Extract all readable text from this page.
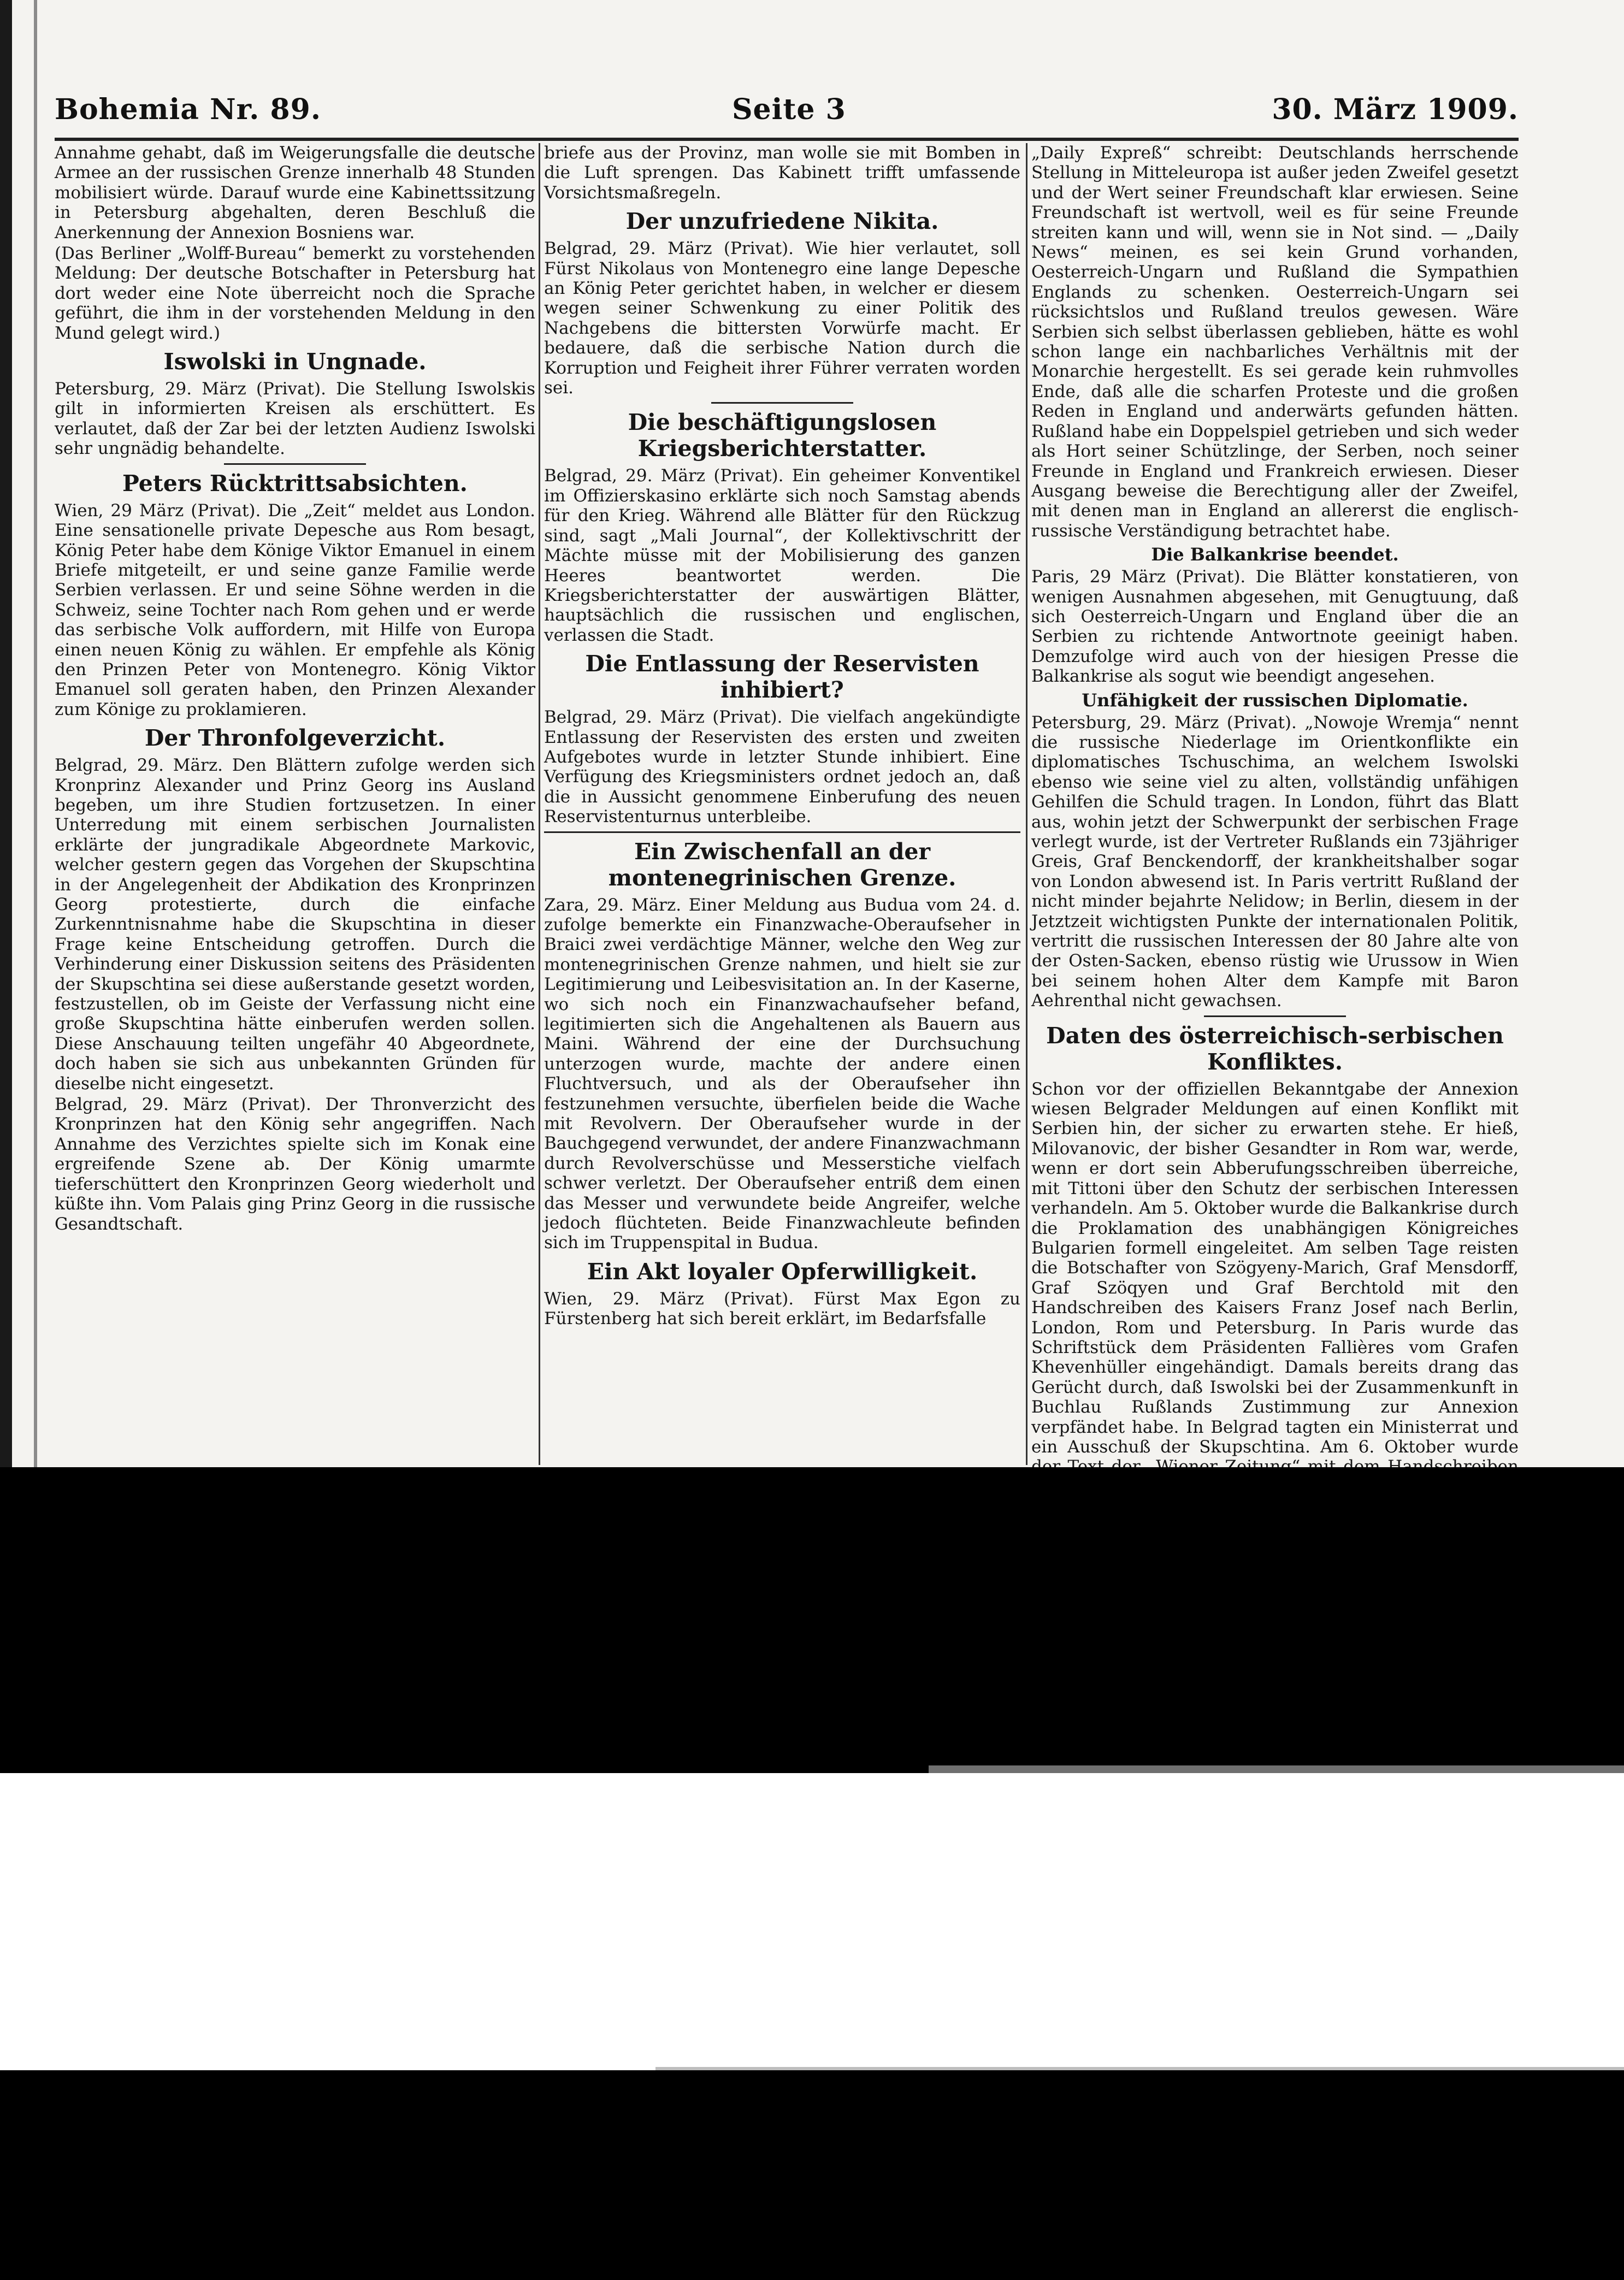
Bohemia Nr. 89.	Seite 3	30. März 1909.

Annahme gehabt, daß im Weigerungsfalle die deutsche Armee an der russischen Grenze innerhalb 48 Stunden mobilisiert würde. Darauf wurde eine Kabinettssitzung in Petersburg abgehalten, deren Beschluß die Anerkennung der Annexion Bosniens war.

(Das Berliner „Wolff-Bureau“ bemerkt zu vorstehenden Meldung: Der deutsche Botschafter in Petersburg hat dort weder eine Note überreicht noch die Sprache geführt, die ihm in der vorstehenden Meldung in den Mund gelegt wird.)

Iswolski in Ungnade.

Petersburg, 29. März (Privat). Die Stellung Iswolskis gilt in informierten Kreisen als erschüttert. Es verlautet, daß der Zar bei der letzten Audienz Iswolski sehr ungnädig behandelte.

Peters Rücktrittsabsichten.

Wien, 29 März (Privat). Die „Zeit“ meldet aus London. Eine sensationelle private Depesche aus Rom besagt, König Peter habe dem Könige Viktor Emanuel in einem Briefe mitgeteilt, er und seine ganze Familie werde Serbien verlassen. Er und seine Söhne werden in die Schweiz, seine Tochter nach Rom gehen und er werde das serbische Volk auffordern, mit Hilfe von Europa einen neuen König zu wählen. Er empfehle als König den Prinzen Peter von Montenegro. König Viktor Emanuel soll geraten haben, den Prinzen Alexander zum Könige zu proklamieren.

Der Thronfolgeverzicht.

Belgrad, 29. März. Den Blättern zufolge werden sich Kronprinz Alexander und Prinz Georg ins Ausland begeben, um ihre Studien fortzusetzen. In einer Unterredung mit einem serbischen Journalisten erklärte der jungradikale Abgeordnete Markovic, welcher gestern gegen das Vorgehen der Skupschtina in der Angelegenheit der Abdikation des Kronprinzen Georg protestierte, durch die einfache Zurkenntnisnahme habe die Skupschtina in dieser Frage keine Entscheidung getroffen. Durch die Verhinderung einer Diskussion seitens des Präsidenten der Skupschtina sei diese außerstande gesetzt worden, festzustellen, ob im Geiste der Verfassung nicht eine große Skupschtina hätte einberufen werden sollen. Diese Anschauung teilten ungefähr 40 Abgeordnete, doch haben sie sich aus unbekannten Gründen für dieselbe nicht eingesetzt.

Belgrad, 29. März (Privat). Der Thronverzicht des Kronprinzen hat den König sehr angegriffen. Nach Annahme des Verzichtes spielte sich im Konak eine ergreifende Szene ab. Der König umarmte tieferschüttert den Kronprinzen Georg wiederholt und küßte ihn. Vom Palais ging Prinz Georg in die russische Gesandtschaft.

briefe aus der Provinz, man wolle sie mit Bomben in die Luft sprengen. Das Kabinett trifft umfassende Vorsichtsmaßregeln.

Der unzufriedene Nikita.

Belgrad, 29. März (Privat). Wie hier verlautet, soll Fürst Nikolaus von Montenegro eine lange Depesche an König Peter gerichtet haben, in welcher er diesem wegen seiner Schwenkung zu einer Politik des Nachgebens die bittersten Vorwürfe macht. Er bedauere, daß die serbische Nation durch die Korruption und Feigheit ihrer Führer verraten worden sei.

Die beschäftigungslosen Kriegsberichterstatter.

Belgrad, 29. März (Privat). Ein geheimer Konventikel im Offizierskasino erklärte sich noch Samstag abends für den Krieg. Während alle Blätter für den Rückzug sind, sagt „Mali Journal“, der Kollektivschritt der Mächte müsse mit der Mobilisierung des ganzen Heeres beantwortet werden. Die Kriegsberichterstatter der auswärtigen Blätter, hauptsächlich die russischen und englischen, verlassen die Stadt.

Die Entlassung der Reservisten inhibiert?

Belgrad, 29. März (Privat). Die vielfach angekündigte Entlassung der Reservisten des ersten und zweiten Aufgebotes wurde in letzter Stunde inhibiert. Eine Verfügung des Kriegsministers ordnet jedoch an, daß die in Aussicht genommene Einberufung des neuen Reservistenturnus unterbleibe.

Ein Zwischenfall an der montenegrinischen Grenze.

Zara, 29. März. Einer Meldung aus Budua vom 24. d. zufolge bemerkte ein Finanzwache-Oberaufseher in Braici zwei verdächtige Männer, welche den Weg zur montenegrinischen Grenze nahmen, und hielt sie zur Legitimierung und Leibesvisitation an. In der Kaserne, wo sich noch ein Finanzwachaufseher befand, legitimierten sich die Angehaltenen als Bauern aus Maini. Während der eine der Durchsuchung unterzogen wurde, machte der andere einen Fluchtversuch, und als der Oberaufseher ihn festzunehmen versuchte, überfielen beide die Wache mit Revolvern. Der Oberaufseher wurde in der Bauchgegend verwundet, der andere Finanzwachmann durch Revolverschüsse und Messerstiche vielfach schwer verletzt. Der Oberaufseher entriß dem einen das Messer und verwundete beide Angreifer, welche jedoch flüchteten. Beide Finanzwachleute befinden sich im Truppenspital in Budua.

Ein Akt loyaler Opferwilligkeit.

Wien, 29. März (Privat). Fürst Max Egon zu Fürstenberg hat sich bereit erklärt, im Bedarfsfalle

„Daily Expreß“ schreibt: Deutschlands herrschende Stellung in Mitteleuropa ist außer jeden Zweifel gesetzt und der Wert seiner Freundschaft klar erwiesen. Seine Freundschaft ist wertvoll, weil es für seine Freunde streiten kann und will, wenn sie in Not sind. — „Daily News“ meinen, es sei kein Grund vorhanden, Oesterreich-Ungarn und Rußland die Sympathien Englands zu schenken. Oesterreich-Ungarn sei rücksichtslos und Rußland treulos gewesen. Wäre Serbien sich selbst überlassen geblieben, hätte es wohl schon lange ein nachbarliches Verhältnis mit der Monarchie hergestellt. Es sei gerade kein ruhmvolles Ende, daß alle die scharfen Proteste und die großen Reden in England und anderwärts gefunden hätten. Rußland habe ein Doppelspiel getrieben und sich weder als Hort seiner Schützlinge, der Serben, noch seiner Freunde in England und Frankreich erwiesen. Dieser Ausgang beweise die Berechtigung aller der Zweifel, mit denen man in England an allererst die englisch-russische Verständigung betrachtet habe.

Die Balkankrise beendet.

Paris, 29 März (Privat). Die Blätter konstatieren, von wenigen Ausnahmen abgesehen, mit Genugtuung, daß sich Oesterreich-Ungarn und England über die an Serbien zu richtende Antwortnote geeinigt haben. Demzufolge wird auch von der hiesigen Presse die Balkankrise als sogut wie beendigt angesehen.

Unfähigkeit der russischen Diplomatie.

Petersburg, 29. März (Privat). „Nowoje Wremja“ nennt die russische Niederlage im Orientkonflikte ein diplomatisches Tschuschima, an welchem Iswolski ebenso wie seine viel zu alten, vollständig unfähigen Gehilfen die Schuld tragen. In London, führt das Blatt aus, wohin jetzt der Schwerpunkt der serbischen Frage verlegt wurde, ist der Vertreter Rußlands ein 73jähriger Greis, Graf Benckendorff, der krankheitshalber sogar von London abwesend ist. In Paris vertritt Rußland der nicht minder bejahrte Nelidow; in Berlin, diesem in der Jetztzeit wichtigsten Punkte der internationalen Politik, vertritt die russischen Interessen der 80 Jahre alte von der Osten-Sacken, ebenso rüstig wie Urussow in Wien bei seinem hohen Alter dem Kampfe mit Baron Aehrenthal nicht gewachsen.

Daten des österreichisch-serbischen Konfliktes.

Schon vor der offiziellen Bekanntgabe der Annexion wiesen Belgrader Meldungen auf einen Konflikt mit Serbien hin, der sicher zu erwarten stehe. Er hieß, Milovanovic, der bisher Gesandter in Rom war, werde, wenn er dort sein Abberufungsschreiben überreiche, mit Tittoni über den Schutz der serbischen Interessen verhandeln. Am 5. Oktober wurde die Balkankrise durch die Proklamation des unabhängigen Königreiches Bulgarien formell eingeleitet. Am selben Tage reisten die Botschafter von Szögyeny-Marich, Graf Mensdorff, Graf Szöqyen und Graf Berchtold mit den Handschreiben des Kaisers Franz Josef nach Berlin, London, Rom und Petersburg. In Paris wurde das Schriftstück dem Präsidenten Fallières vom Grafen Khevenhüller eingehändigt. Damals bereits drang das Gerücht durch, daß Iswolski bei der Zusammenkunft in Buchlau Rußlands Zustimmung zur Annexion verpfändet habe. In Belgrad tagten ein Ministerrat und ein Ausschuß der Skupschtina. Am 6. Oktober wurde
